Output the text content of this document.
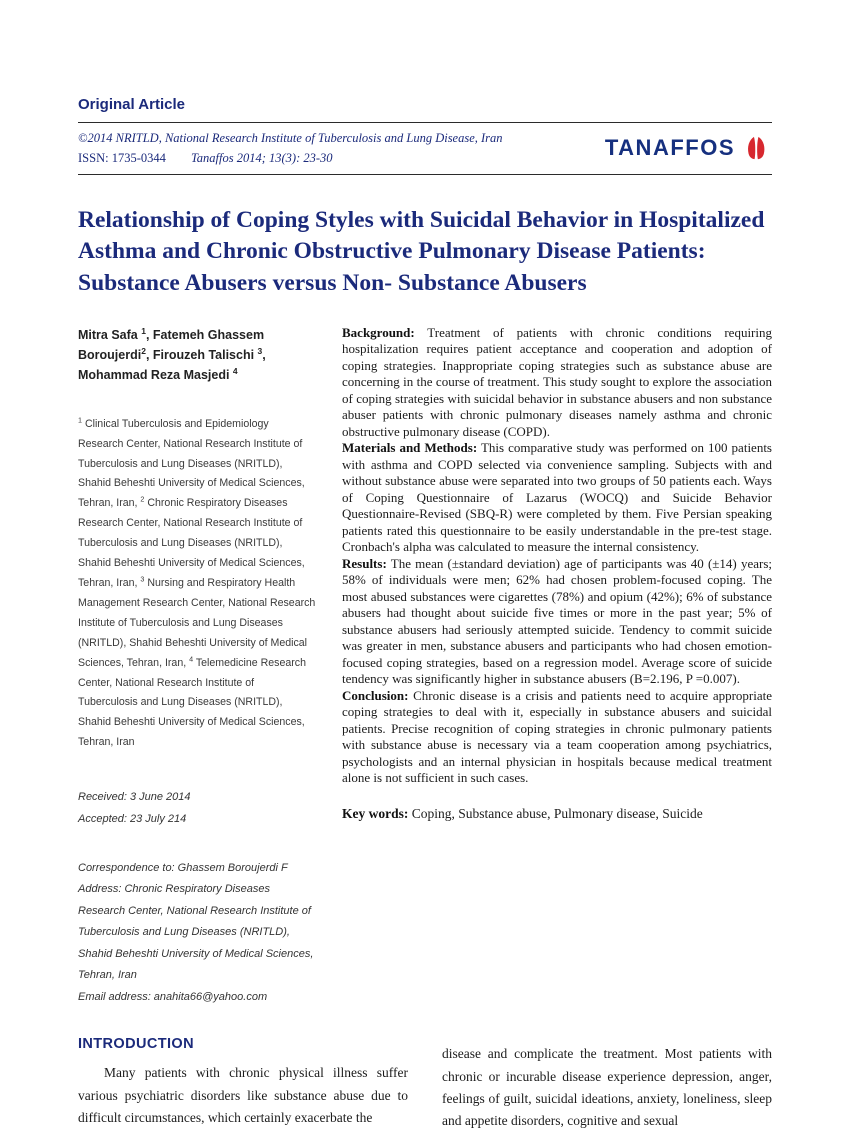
Original Article
©2014 NRITLD, National Research Institute of Tuberculosis and Lung Disease, Iran
ISSN: 1735-0344 Tanaffos 2014; 13(3): 23-30	TANAFFOS
Relationship of Coping Styles with Suicidal Behavior in Hospitalized Asthma and Chronic Obstructive Pulmonary Disease Patients: Substance Abusers versus Non- Substance Abusers

Mitra Safa $^1$, Fatemeh Ghassem Boroujerdi$^2$, Firouzeh Talischi $^3$, Mohammad Reza Masjedi $^4$

$^1$ Clinical Tuberculosis and Epidemiology Research Center, National Research Institute of Tuberculosis and Lung Diseases (NRITLD), Shahid Beheshti University of Medical Sciences, Tehran, Iran, $^2$ Chronic Respiratory Diseases Research Center, National Research Institute of Tuberculosis and Lung Diseases (NRITLD), Shahid Beheshti University of Medical Sciences, Tehran, Iran, $^3$ Nursing and Respiratory Health Management Research Center, National Research Institute of Tuberculosis and Lung Diseases (NRITLD), Shahid Beheshti University of Medical Sciences, Tehran, Iran, $^4$ Telemedicine Research Center, National Research Institute of Tuberculosis and Lung Diseases (NRITLD), Shahid Beheshti University of Medical Sciences, Tehran, Iran

Received: 3 June 2014
Accepted: 23 July 214

Correspondence to: Ghassem Boroujerdi F
Address: Chronic Respiratory Diseases Research Center, National Research Institute of Tuberculosis and Lung Diseases (NRITLD), Shahid Beheshti University of Medical Sciences, Tehran, Iran
Email address: anahita66@yahoo.com

Background: Treatment of patients with chronic conditions requiring hospitalization requires patient acceptance and cooperation and adoption of coping strategies. Inappropriate coping strategies such as substance abuse are concerning in the course of treatment. This study sought to explore the association of coping strategies with suicidal behavior in substance abusers and non substance abuser patients with chronic pulmonary diseases namely asthma and chronic obstructive pulmonary disease (COPD).

Materials and Methods: This comparative study was performed on 100 patients with asthma and COPD selected via convenience sampling. Subjects with and without substance abuse were separated into two groups of 50 patients each. Ways of Coping Questionnaire of Lazarus (WOCQ) and Suicide Behavior Questionnaire-Revised (SBQ-R) were completed by them. Five Persian speaking patients rated this questionnaire to be easily understandable in the pre-test stage. Cronbach's alpha was calculated to measure the internal consistency.

Results: The mean (±standard deviation) age of participants was 40 (±14) years; 58% of individuals were men; 62% had chosen problem-focused coping. The most abused substances were cigarettes (78%) and opium (42%); 6% of substance abusers had thought about suicide five times or more in the past year; 5% of substance abusers had seriously attempted suicide. Tendency to commit suicide was greater in men, substance abusers and participants who had chosen emotion-focused coping strategies, based on a regression model. Average score of suicide tendency was significantly higher in substance abusers (B=2.196, P =0.007).

Conclusion: Chronic disease is a crisis and patients need to acquire appropriate coping strategies to deal with it, especially in substance abusers and suicidal patients. Precise recognition of coping strategies in chronic pulmonary patients with substance abuse is necessary via a team cooperation among psychiatrics, psychologists and an internal physician in hospitals because medical treatment alone is not sufficient in such cases.

Key words: Coping, Substance abuse, Pulmonary disease, Suicide

INTRODUCTION

Many patients with chronic physical illness suffer various psychiatric disorders like substance abuse due to difficult circumstances, which certainly exacerbate the

disease and complicate the treatment. Most patients with chronic or incurable disease experience depression, anger, feelings of guilt, suicidal ideations, anxiety, loneliness, sleep and appetite disorders, cognitive and sexual
